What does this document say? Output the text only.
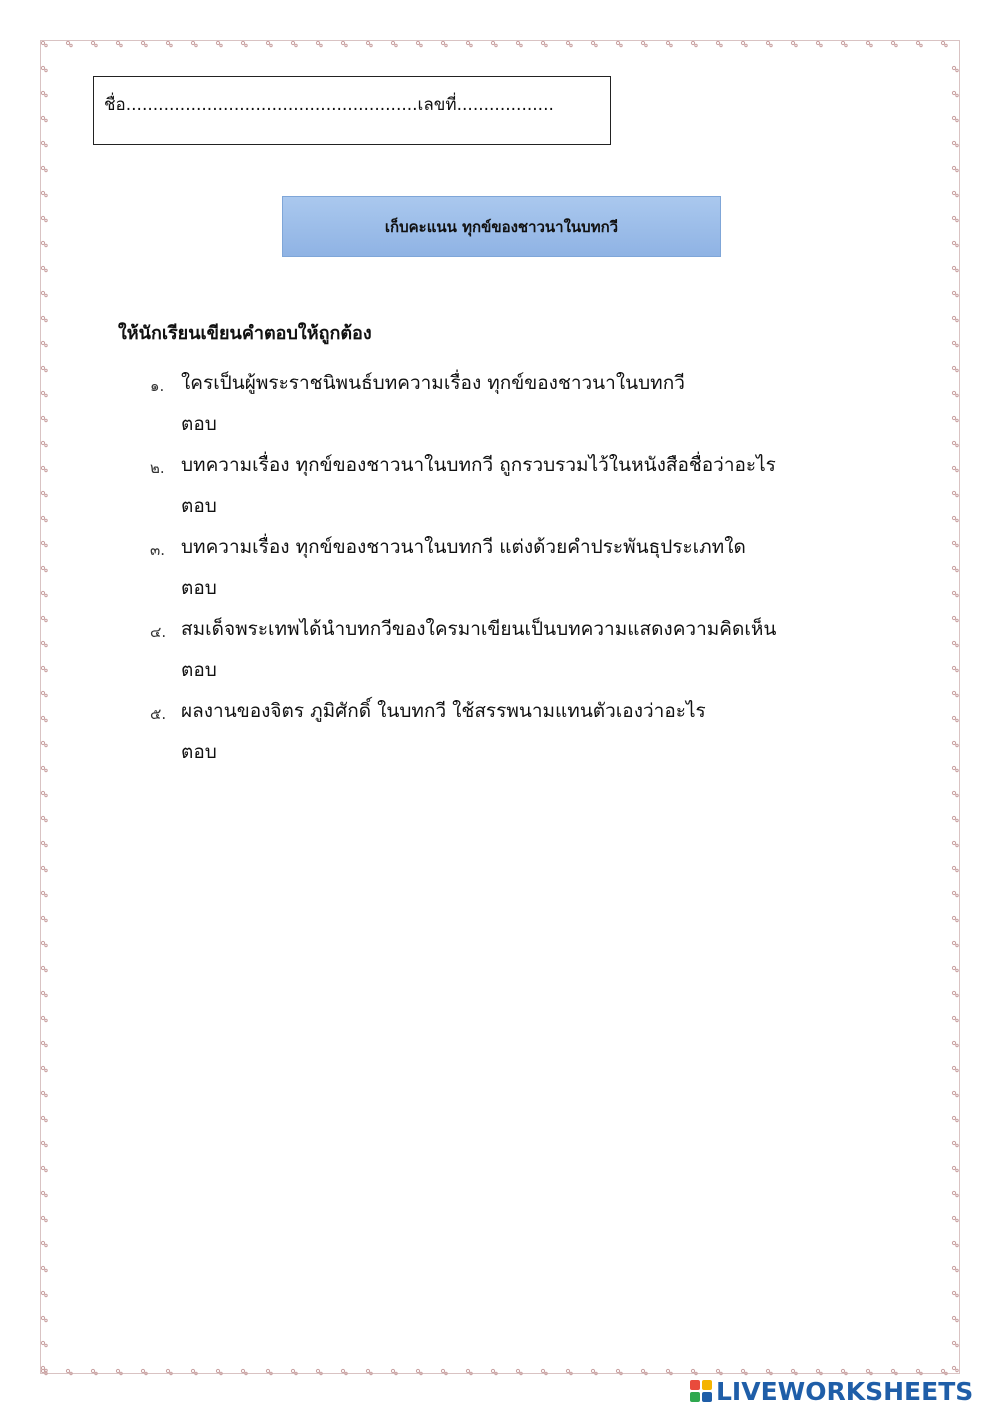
ชื่อ......................................................เลขที่..................
เก็บคะแนน ทุกข์ของชาวนาในบทกวี
ให้นักเรียนเขียนคำตอบให้ถูกต้อง
๑. ใครเป็นผู้พระราชนิพนธ์บทความเรื่อง ทุกข์ของชาวนาในบทกวี
ตอบ
๒. บทความเรื่อง ทุกข์ของชาวนาในบทกวี ถูกรวบรวมไว้ในหนังสือชื่อว่าอะไร
ตอบ
๓. บทความเรื่อง ทุกข์ของชาวนาในบทกวี แต่งด้วยคำประพันธุประเภทใด
ตอบ
๔. สมเด็จพระเทพได้นำบทกวีของใครมาเขียนเป็นบทความแสดงความคิดเห็น
ตอบ
๕. ผลงานของจิตร ภูมิศักดิ์ ในบทกวี ใช้สรรพนามแทนตัวเองว่าอะไร
ตอบ
LIVEWORKSHEETS
